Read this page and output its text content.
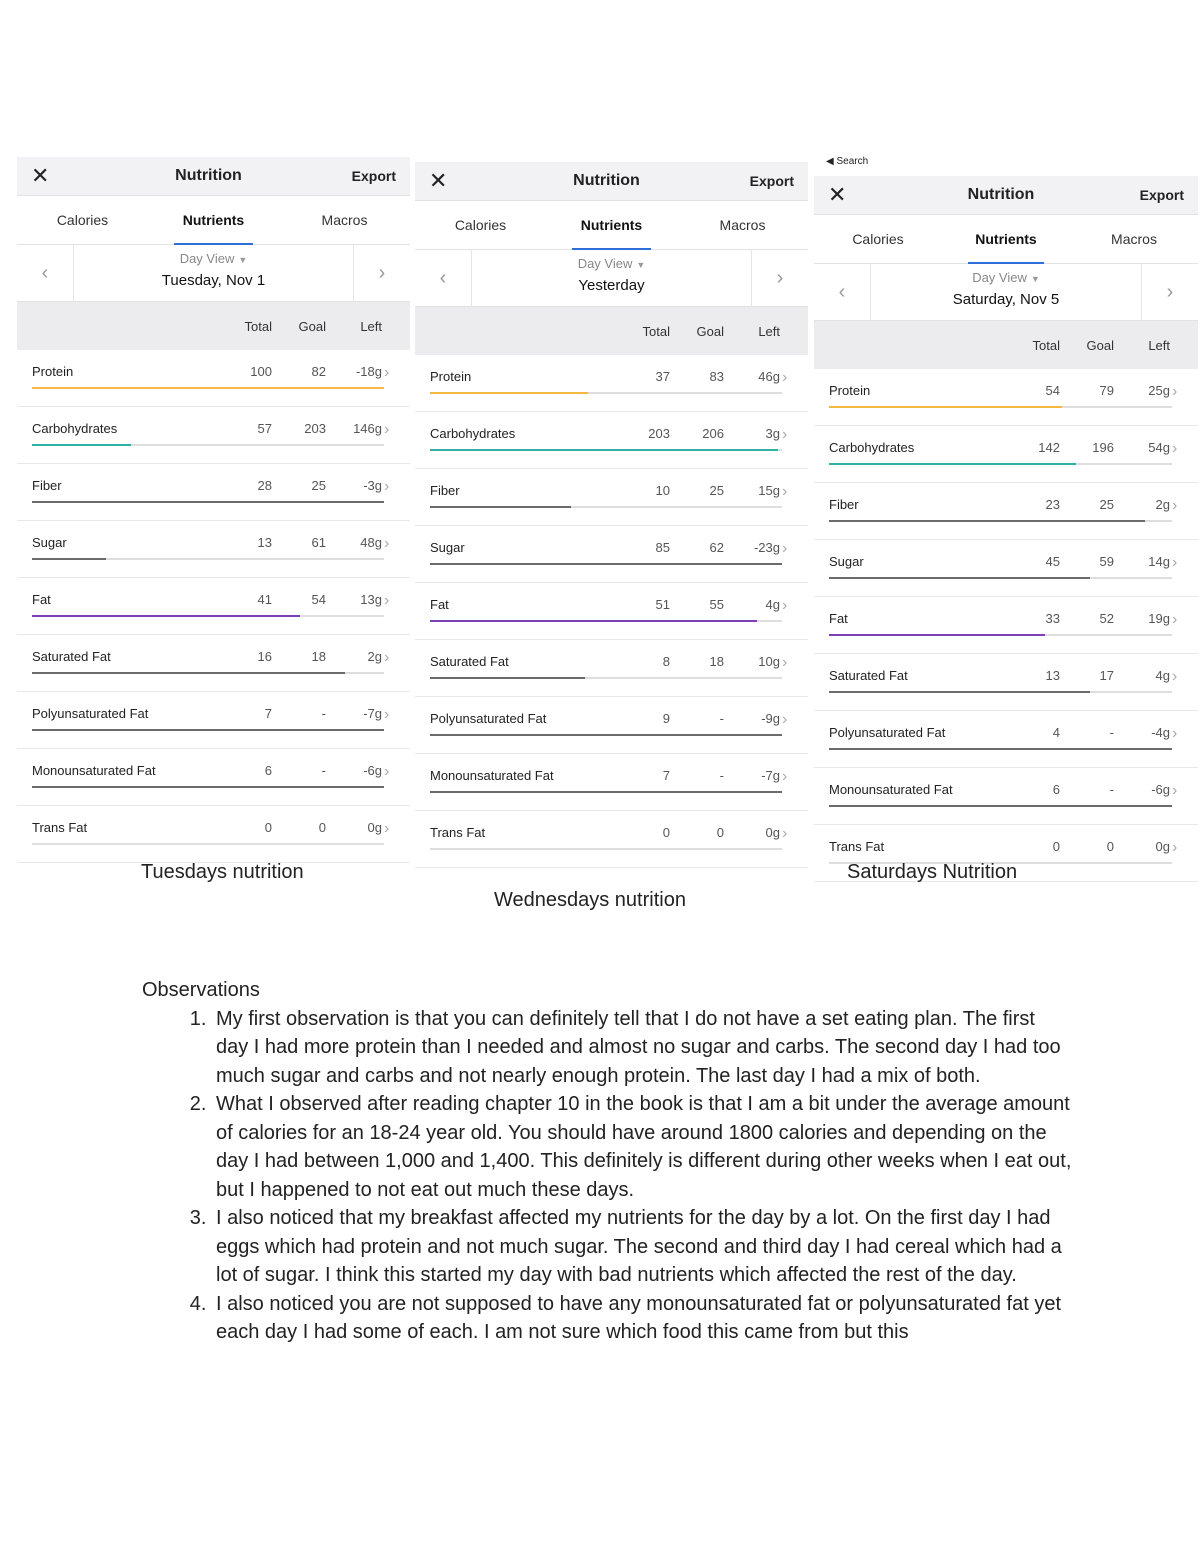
✕	Nutrition	Export
Calories	Nutrients	Macros
‹
Day View ▼
Tuesday, Nov 1	›
Total	Goal	Left
Protein	100	82	-18g ›
Carbohydrates	57	203	146g ›
Fiber	28	25	-3g ›
Sugar	13	61	48g ›
Fat	41	54	13g ›
Saturated Fat	16	18	2g ›
Polyunsaturated Fat	7	-	-7g ›
Monounsaturated Fat	6	-	-6g ›
Trans Fat	0	0	0g ›
✕	Nutrition	Export
Calories	Nutrients	Macros
‹
Day View ▼
Yesterday	›
Total	Goal	Left
Protein	37	83	46g ›
Carbohydrates	203	206	3g ›
Fiber	10	25	15g ›
Sugar	85	62	-23g ›
Fat	51	55	4g ›
Saturated Fat	8	18	10g ›
Polyunsaturated Fat	9	-	-9g ›
Monounsaturated Fat	7	-	-7g ›
Trans Fat	0	0	0g ›
◀ Search
✕	Nutrition	Export
Calories	Nutrients	Macros
‹
Day View ▼
Saturday, Nov 5	›
Total	Goal	Left
Protein	54	79	25g ›
Carbohydrates	142	196	54g ›
Fiber	23	25	2g ›
Sugar	45	59	14g ›
Fat	33	52	19g ›
Saturated Fat	13	17	4g ›
Polyunsaturated Fat	4	-	-4g ›
Monounsaturated Fat	6	-	-6g ›
Trans Fat	0	0	0g ›
Tuesdays nutrition
Wednesdays nutrition
Saturdays Nutrition
Observations
1. My first observation is that you can definitely tell that I do not have a set eating plan. The first day I had more protein than I needed and almost no sugar and carbs. The second day I had too much sugar and carbs and not nearly enough protein. The last day I had a mix of both.
2. What I observed after reading chapter 10 in the book is that I am a bit under the average amount of calories for an 18-24 year old. You should have around 1800 calories and depending on the day I had between 1,000 and 1,400. This definitely is different during other weeks when I eat out, but I happened to not eat out much these days.
3. I also noticed that my breakfast affected my nutrients for the day by a lot. On the first day I had eggs which had protein and not much sugar. The second and third day I had cereal which had a lot of sugar. I think this started my day with bad nutrients which affected the rest of the day.
4. I also noticed you are not supposed to have any monounsaturated fat or polyunsaturated fat yet each day I had some of each. I am not sure which food this came from but this
